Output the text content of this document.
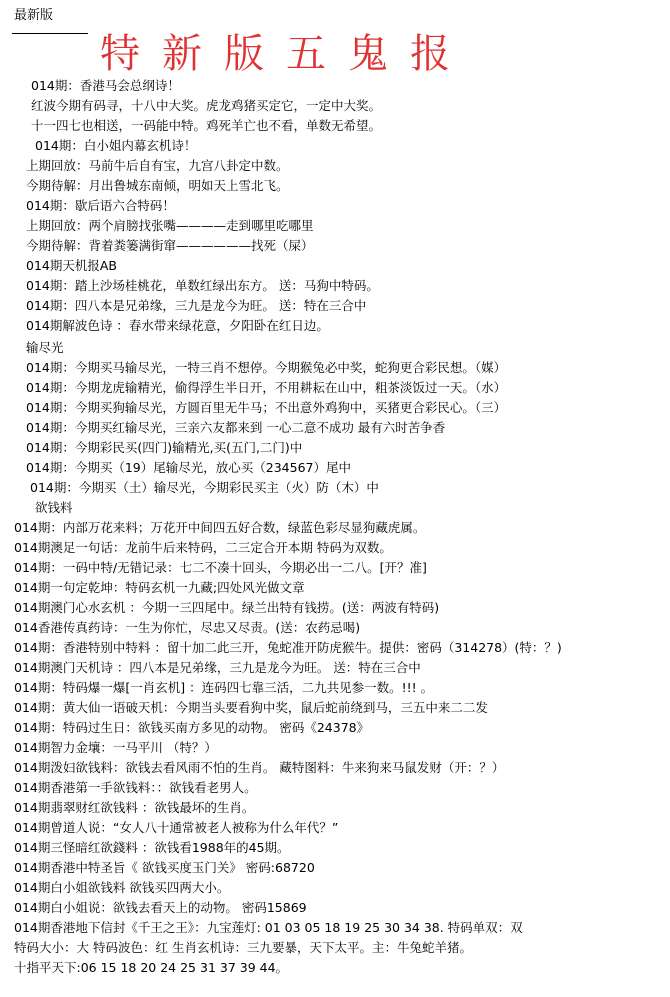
最新版
特新版五鬼报
014期：香港马会总纲诗！
红波今期有码寻，十八中大奖。虎龙鸡猪买定它，一定中大奖。
十一四七也相送，一码能中特。鸡死羊亡也不看，单数无希望。
014期：白小姐内幕玄机诗！
上期回放：马前牛后自有宝，九宫八卦定中数。
今期待解：月出鲁城东南倾，明如天上雪北飞。
014期：歇后语六合特码！
上期回放：两个肩膀找张嘴————走到哪里吃哪里
今期待解：背着粪篓满街窜——————找死（屎）
014期天机报AB
014期：踏上沙场桂桃花，单数红绿出东方。 送：马狗中特码。
014期：四八本是兄弟缘，三九是龙今为旺。 送：特在三合中
014期解波色诗 ：春水带来绿花意，夕阳卧在红日边。
输尽光
014期：今期买马输尽光，一特三肖不想停。今期猴兔必中奖，蛇狗更合彩民想。（媒）
014期：今期龙虎输精光，偷得浮生半日开，不用耕耘在山中，粗茶淡饭过一天。（水）
014期：今期买狗输尽光，方圆百里无牛马；不出意外鸡狗中，买猪更合彩民心。（三）
014期：今期买红输尽光，三亲六友都来到 一心二意不成功 最有六时苦争香
014期：今期彩民买(四门)输精光,买(五门,二门)中
014期：今期买（19）尾输尽光，放心买（234567）尾中
014期：今期买（土）输尽光，今期彩民买主（火）防（木）中
欲钱料
014期：内部万花来料；万花开中间四五好合数，绿蓝色彩尽显狗藏虎属。
014期澳足一句话：龙前牛后来特码，二三定合开本期 特码为双数。
014期：一码中特/无错记录：七二不凑十回头，今期必出一二八。[开？准]
014期一句定乾坤：特码玄机一九藏;四处风光做文章
014期澳门心水玄机 ：今期一三四尾中。绿兰出特有钱捞。(送：两波有特码)
014香港传真药诗：一生为你忙，尽忠又尽责。(送：农药忌喝)
014期：香港特别中特料 ：留十加二此三开，兔蛇准开防虎猴牛。提供：密码（314278）(特：？)
014期澳门天机诗 ：四八本是兄弟缘，三九是龙今为旺。 送：特在三合中
014期：特码爆一爆[一肖玄机] ：连码四七靠三活，二九共见参一数。!!! 。
014期：黄大仙一语破天机：今期当头要看狗中奖，鼠后蛇前绕到马，三五中来二二发
014期：特码过生日：欲钱买南方多见的动物。 密码《24378》
014期智力金壤：一马平川 （特？）
014期泼妇欲钱料：欲钱去看风雨不怕的生肖。 藏特图料：牛来狗来马鼠发财（开：？）
014期香港第一手欲钱料：：欲钱看老男人。
014期翡翠财红欲钱料 ：欲钱最坏的生肖。
014期曾道人说：“女人八十通常被老人被称为什么年代？”
014期三怪暗红欲錢料 ：欲钱看1988年的45期。
014期香港中特圣旨《 欲钱买度玉门关》 密码:68720
014期白小姐欲钱料 欲钱买四两大小。
014期白小姐说：欲钱去看天上的动物。 密码15869
014期香港地下信封《千王之王》：九宝莲灯: 01 03 05 18 19 25 30 34 38. 特码单双：双
特码大小：大 特码波色：红 生肖玄机诗：三九要暴，天下太平。主：牛兔蛇羊猪。
十指平天下:06 15 18 20 24 25 31 37 39 44。
